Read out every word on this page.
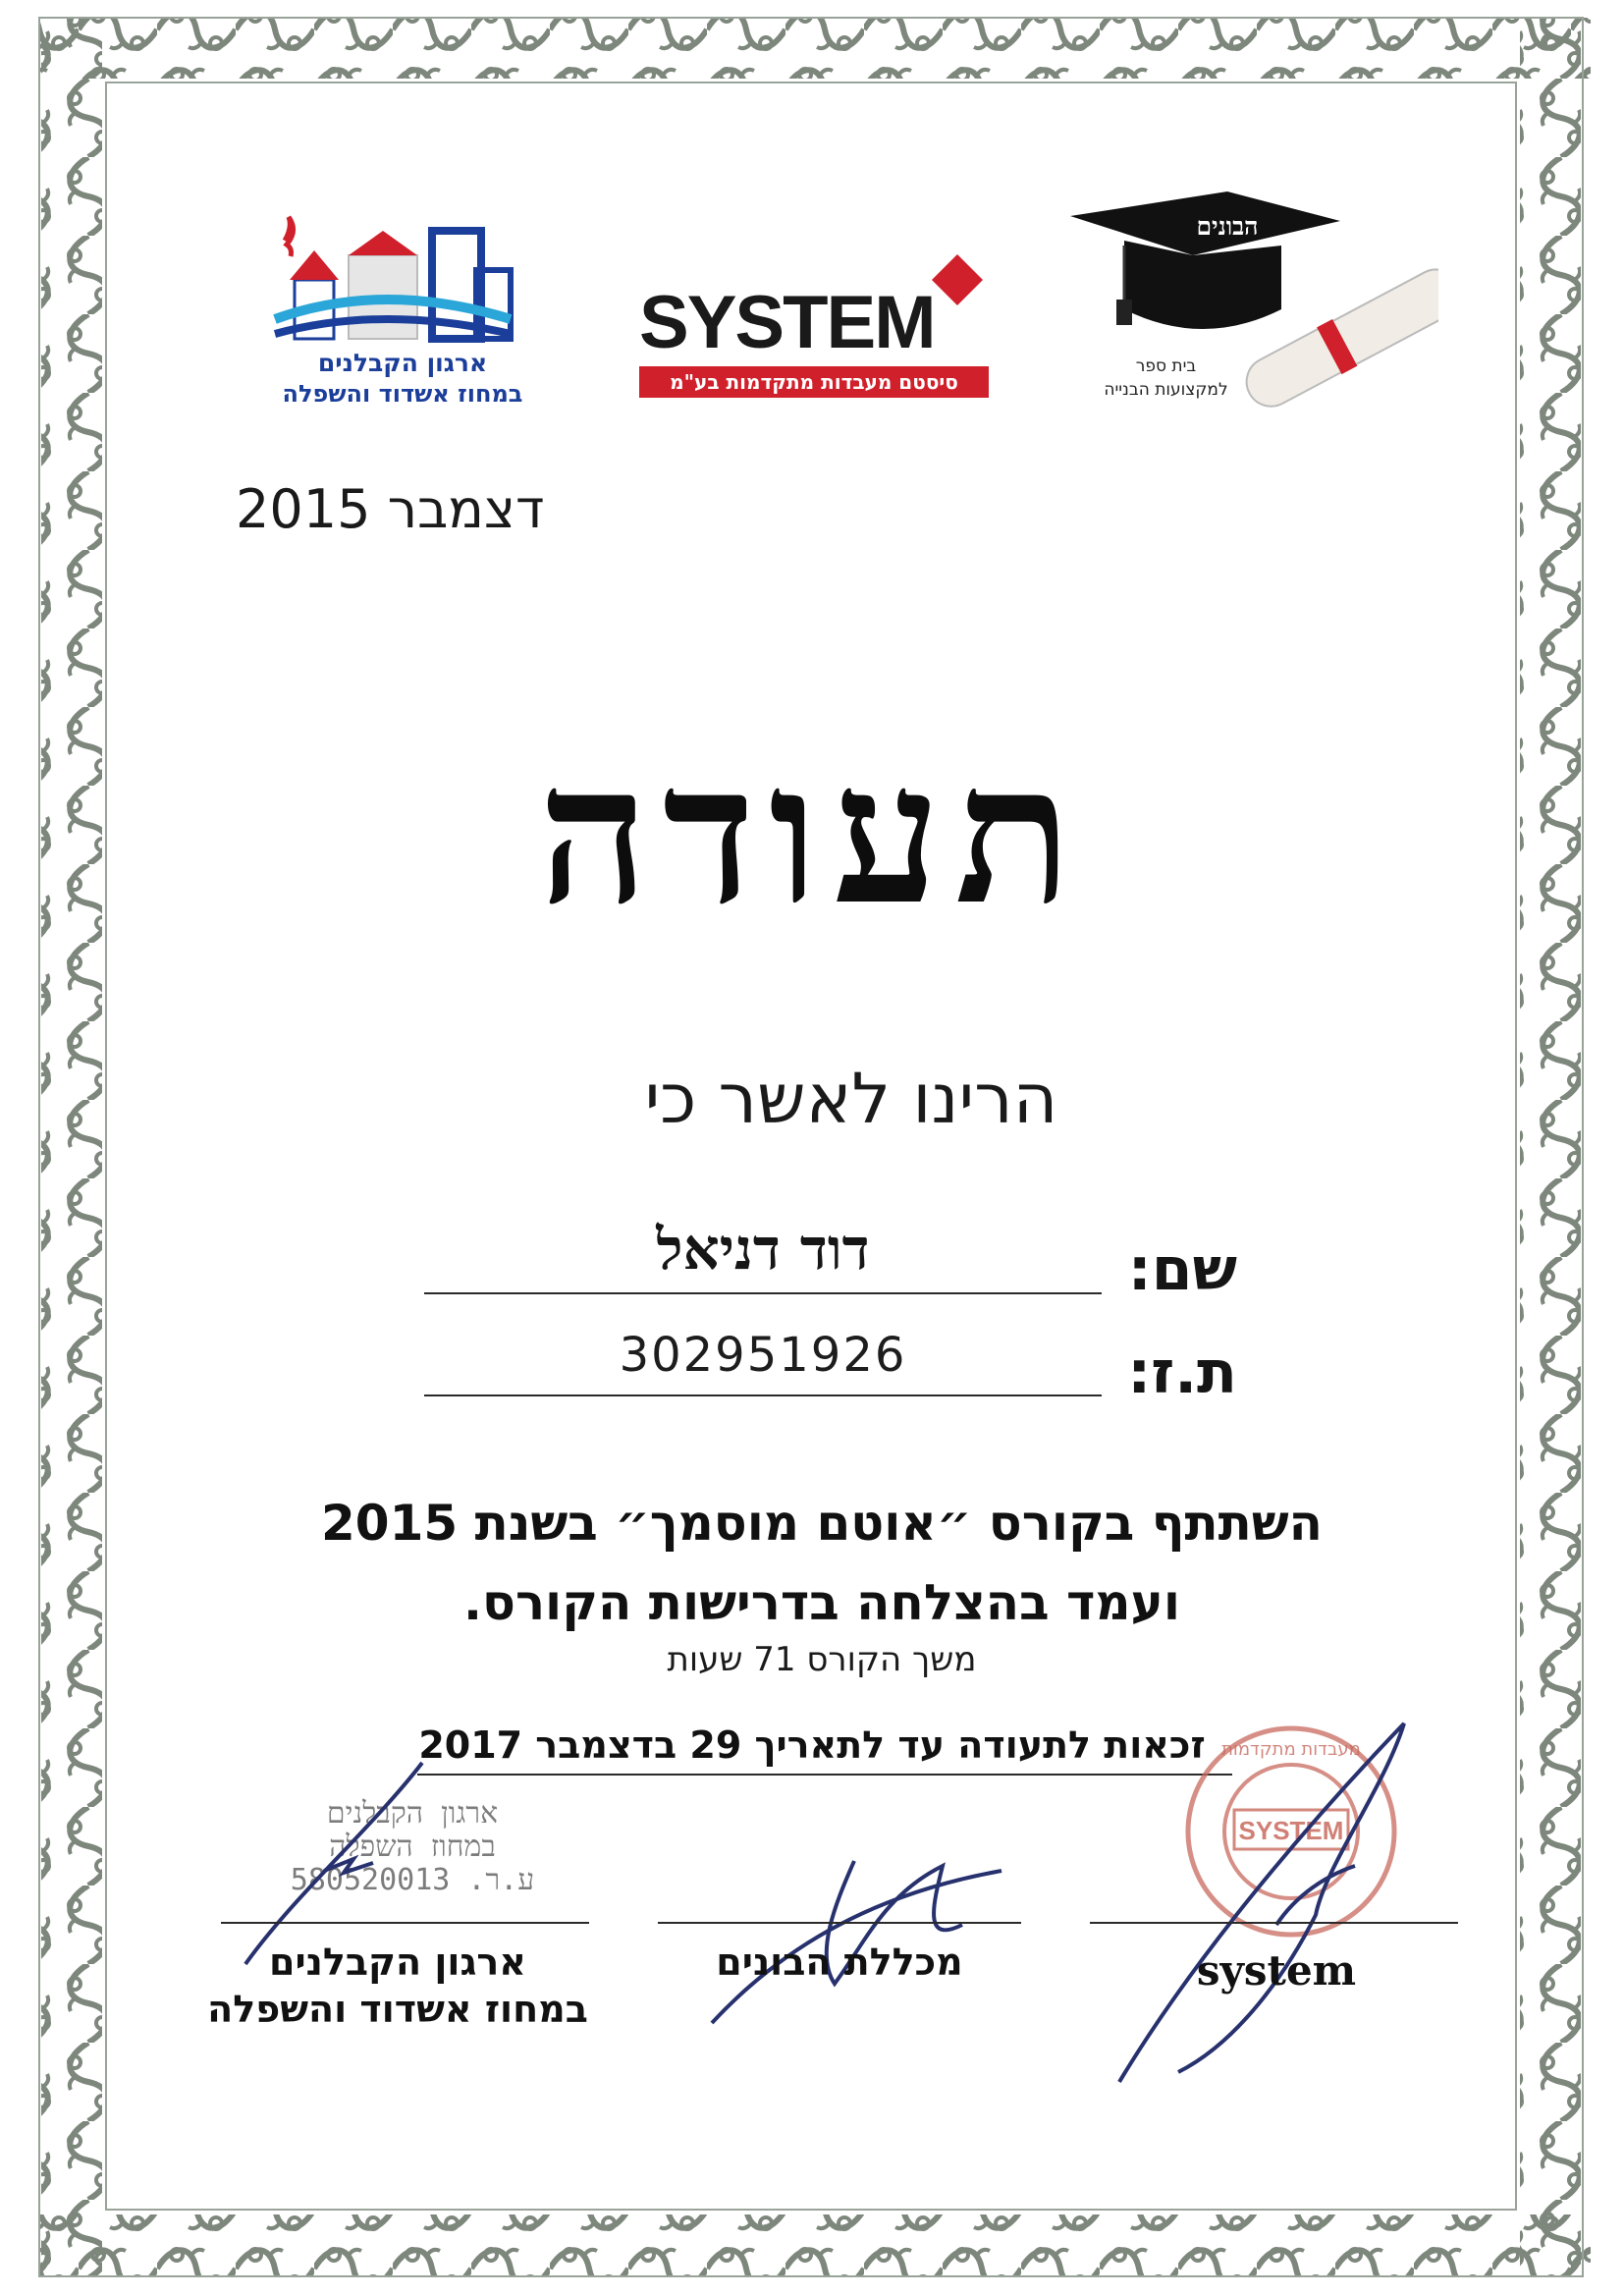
ארגון הקבלנים
במחוז אשדוד והשפלה
SYSTEM
סיסטם מעבדות מתקדמות בע"מ
הבונים
בית ספר
למקצועות הבנייה
דצמבר 2015
תעודה
הרינו לאשר כי
שם:
דוד דניאל
ת.ז:
302951926
השתתף בקורס ״אוטם מוסמך״ בשנת 2015
ועמד בהצלחה בדרישות הקורס.
משך הקורס 71 שעות
זכאות לתעודה עד לתאריך 29 בדצמבר 2017
ארגון הקבלנים
במחוז השפלה
ע.ר. 580520013
SYSTEM
מעבדות מתקדמות
ארגון הקבלנים
במחוז אשדוד והשפלה
מכללת הבונים	system
